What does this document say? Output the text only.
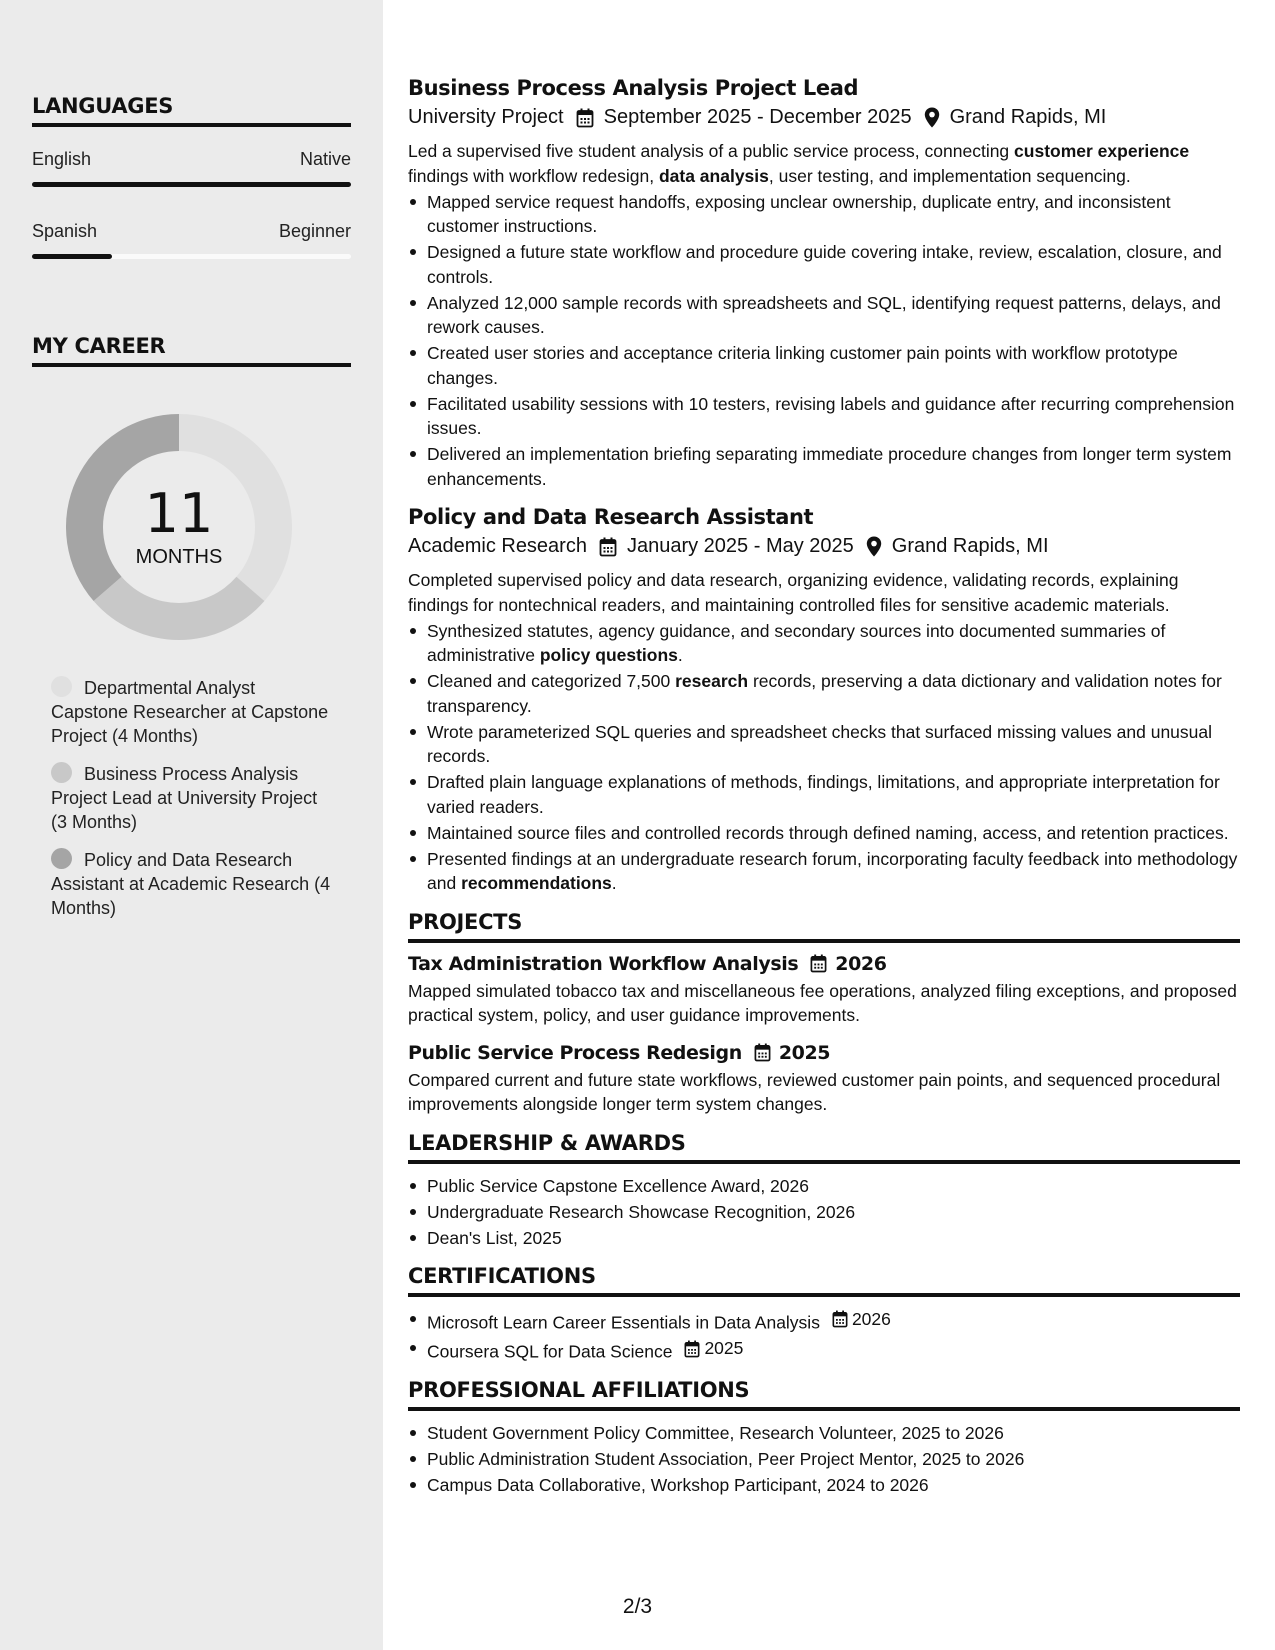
LANGUAGES
English	Native
Spanish	Beginner
MY CAREER
11
MONTHS
Departmental Analyst Capstone Researcher at Capstone Project (4 Months)
Business Process Analysis Project Lead at University Project (3 Months)
Policy and Data Research Assistant at Academic Research (4 Months)
Business Process Analysis Project Lead
University Project September 2025 - December 2025 Grand Rapids, MI
Led a supervised five student analysis of a public service process, connecting customer experience findings with workflow redesign, data analysis, user testing, and implementation sequencing.
Mapped service request handoffs, exposing unclear ownership, duplicate entry, and inconsistent customer instructions.
Designed a future state workflow and procedure guide covering intake, review, escalation, closure, and controls.
Analyzed 12,000 sample records with spreadsheets and SQL, identifying request patterns, delays, and rework causes.
Created user stories and acceptance criteria linking customer pain points with workflow prototype changes.
Facilitated usability sessions with 10 testers, revising labels and guidance after recurring comprehension issues.
Delivered an implementation briefing separating immediate procedure changes from longer term system enhancements.
Policy and Data Research Assistant
Academic Research January 2025 - May 2025 Grand Rapids, MI
Completed supervised policy and data research, organizing evidence, validating records, explaining findings for nontechnical readers, and maintaining controlled files for sensitive academic materials.
Synthesized statutes, agency guidance, and secondary sources into documented summaries of administrative policy questions.
Cleaned and categorized 7,500 research records, preserving a data dictionary and validation notes for transparency.
Wrote parameterized SQL queries and spreadsheet checks that surfaced missing values and unusual records.
Drafted plain language explanations of methods, findings, limitations, and appropriate interpretation for varied readers.
Maintained source files and controlled records through defined naming, access, and retention practices.
Presented findings at an undergraduate research forum, incorporating faculty feedback into methodology and recommendations.
PROJECTS
Tax Administration Workflow Analysis 2026
Mapped simulated tobacco tax and miscellaneous fee operations, analyzed filing exceptions, and proposed practical system, policy, and user guidance improvements.
Public Service Process Redesign 2025
Compared current and future state workflows, reviewed customer pain points, and sequenced procedural improvements alongside longer term system changes.
LEADERSHIP & AWARDS
Public Service Capstone Excellence Award, 2026
Undergraduate Research Showcase Recognition, 2026
Dean's List, 2025
CERTIFICATIONS
Microsoft Learn Career Essentials in Data Analysis 2026
Coursera SQL for Data Science 2025
PROFESSIONAL AFFILIATIONS
Student Government Policy Committee, Research Volunteer, 2025 to 2026
Public Administration Student Association, Peer Project Mentor, 2025 to 2026
Campus Data Collaborative, Workshop Participant, 2024 to 2026
2/3
